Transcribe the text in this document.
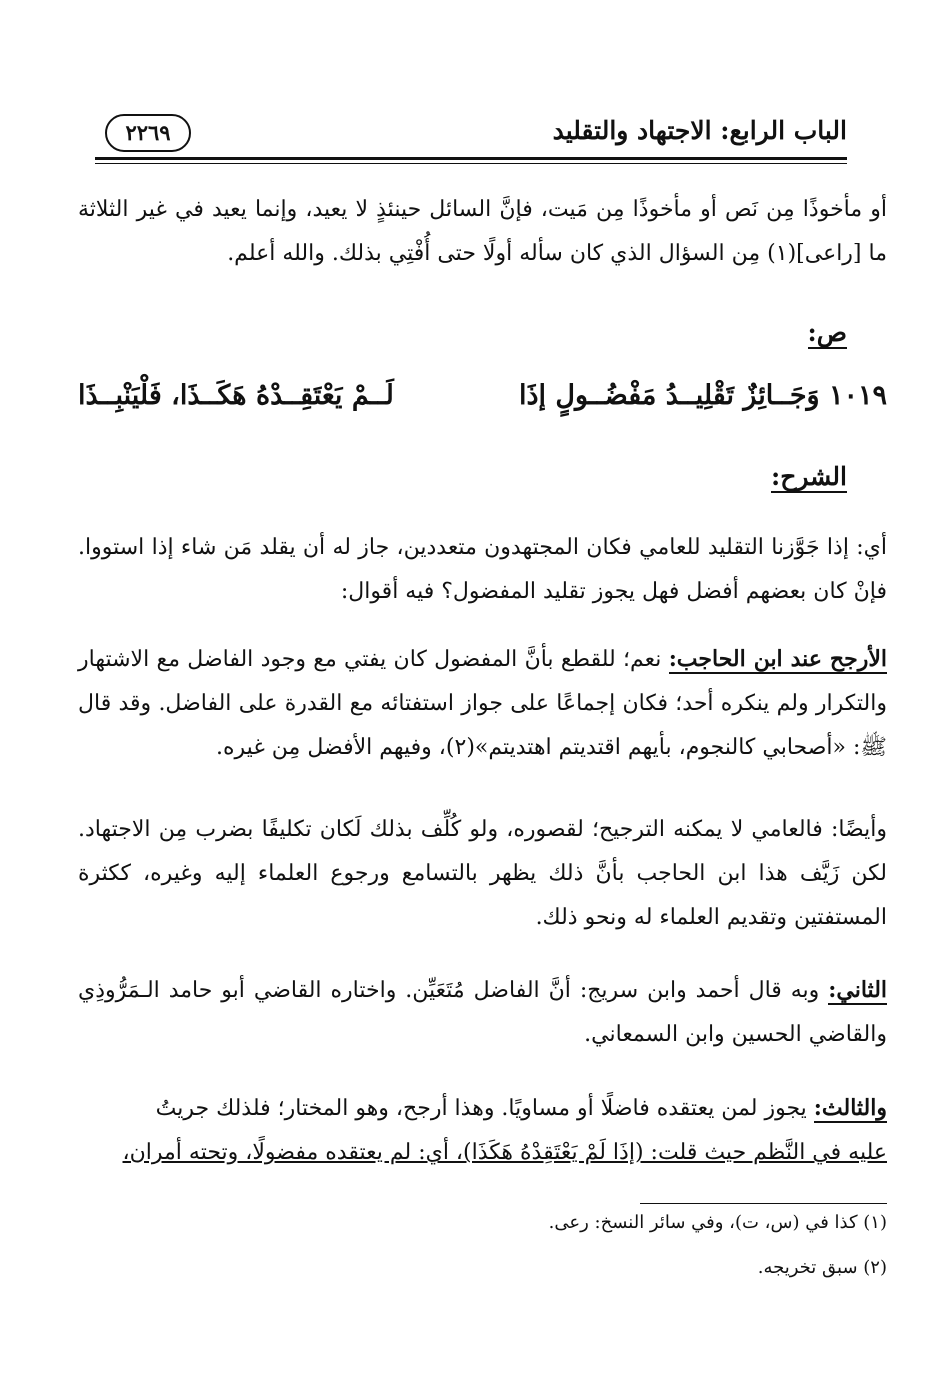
الباب الرابع: الاجتهاد والتقليد
٢٢٦٩
أو مأخوذًا مِن نَص أو مأخوذًا مِن مَيت، فإنَّ السائل حينئذٍ لا يعيد، وإنما يعيد في غير الثلاثة ما [راعى](١) مِن السؤال الذي كان سأله أولًا حتى أُفْتِي بذلك. والله أعلم.
ص:
١٠١٩ وَجَــائِزٌ تَقْلِيــدُ مَفْضُــولٍ إذَا
لَــمْ يَعْتَقِــدْهُ هَكَــذَا، فَلْيَنْبِــذَا
الشرح:
أي: إذا جَوَّزنا التقليد للعامي فكان المجتهدون متعددين، جاز له أن يقلد مَن شاء إذا استووا. فإنْ كان بعضهم أفضل فهل يجوز تقليد المفضول؟ فيه أقوال:
الأرجح عند ابن الحاجب: نعم؛ للقطع بأنَّ المفضول كان يفتي مع وجود الفاضل مع الاشتهار والتكرار ولم ينكره أحد؛ فكان إجماعًا على جواز استفتائه مع القدرة على الفاضل. وقد قال ﷺ: «أصحابي كالنجوم، بأيهم اقتديتم اهتديتم»(٢)، وفيهم الأفضل مِن غيره.
وأيضًا: فالعامي لا يمكنه الترجيح؛ لقصوره، ولو كُلِّف بذلك لَكان تكليفًا بضرب مِن الاجتهاد. لكن زَيَّف هذا ابن الحاجب بأنَّ ذلك يظهر بالتسامع ورجوع العلماء إليه وغيره، ككثرة المستفتين وتقديم العلماء له ونحو ذلك.
الثاني: وبه قال أحمد وابن سريج: أنَّ الفاضل مُتَعَيِّن. واختاره القاضي أبو حامد الـمَرُّوذِي والقاضي الحسين وابن السمعاني.
والثالث: يجوز لمن يعتقده فاضلًا أو مساويًا. وهذا أرجح، وهو المختار؛ فلذلك جريتُ
عليه في النَّظم حيث قلت: (إذَا لَمْ يَعْتَقِدْهُ هَكَذَا)، أي: لم يعتقده مفضولًا، وتحته أمران،
(١) كذا في (س، ت)، وفي سائر النسخ: رعى.
(٢) سبق تخريجه.
